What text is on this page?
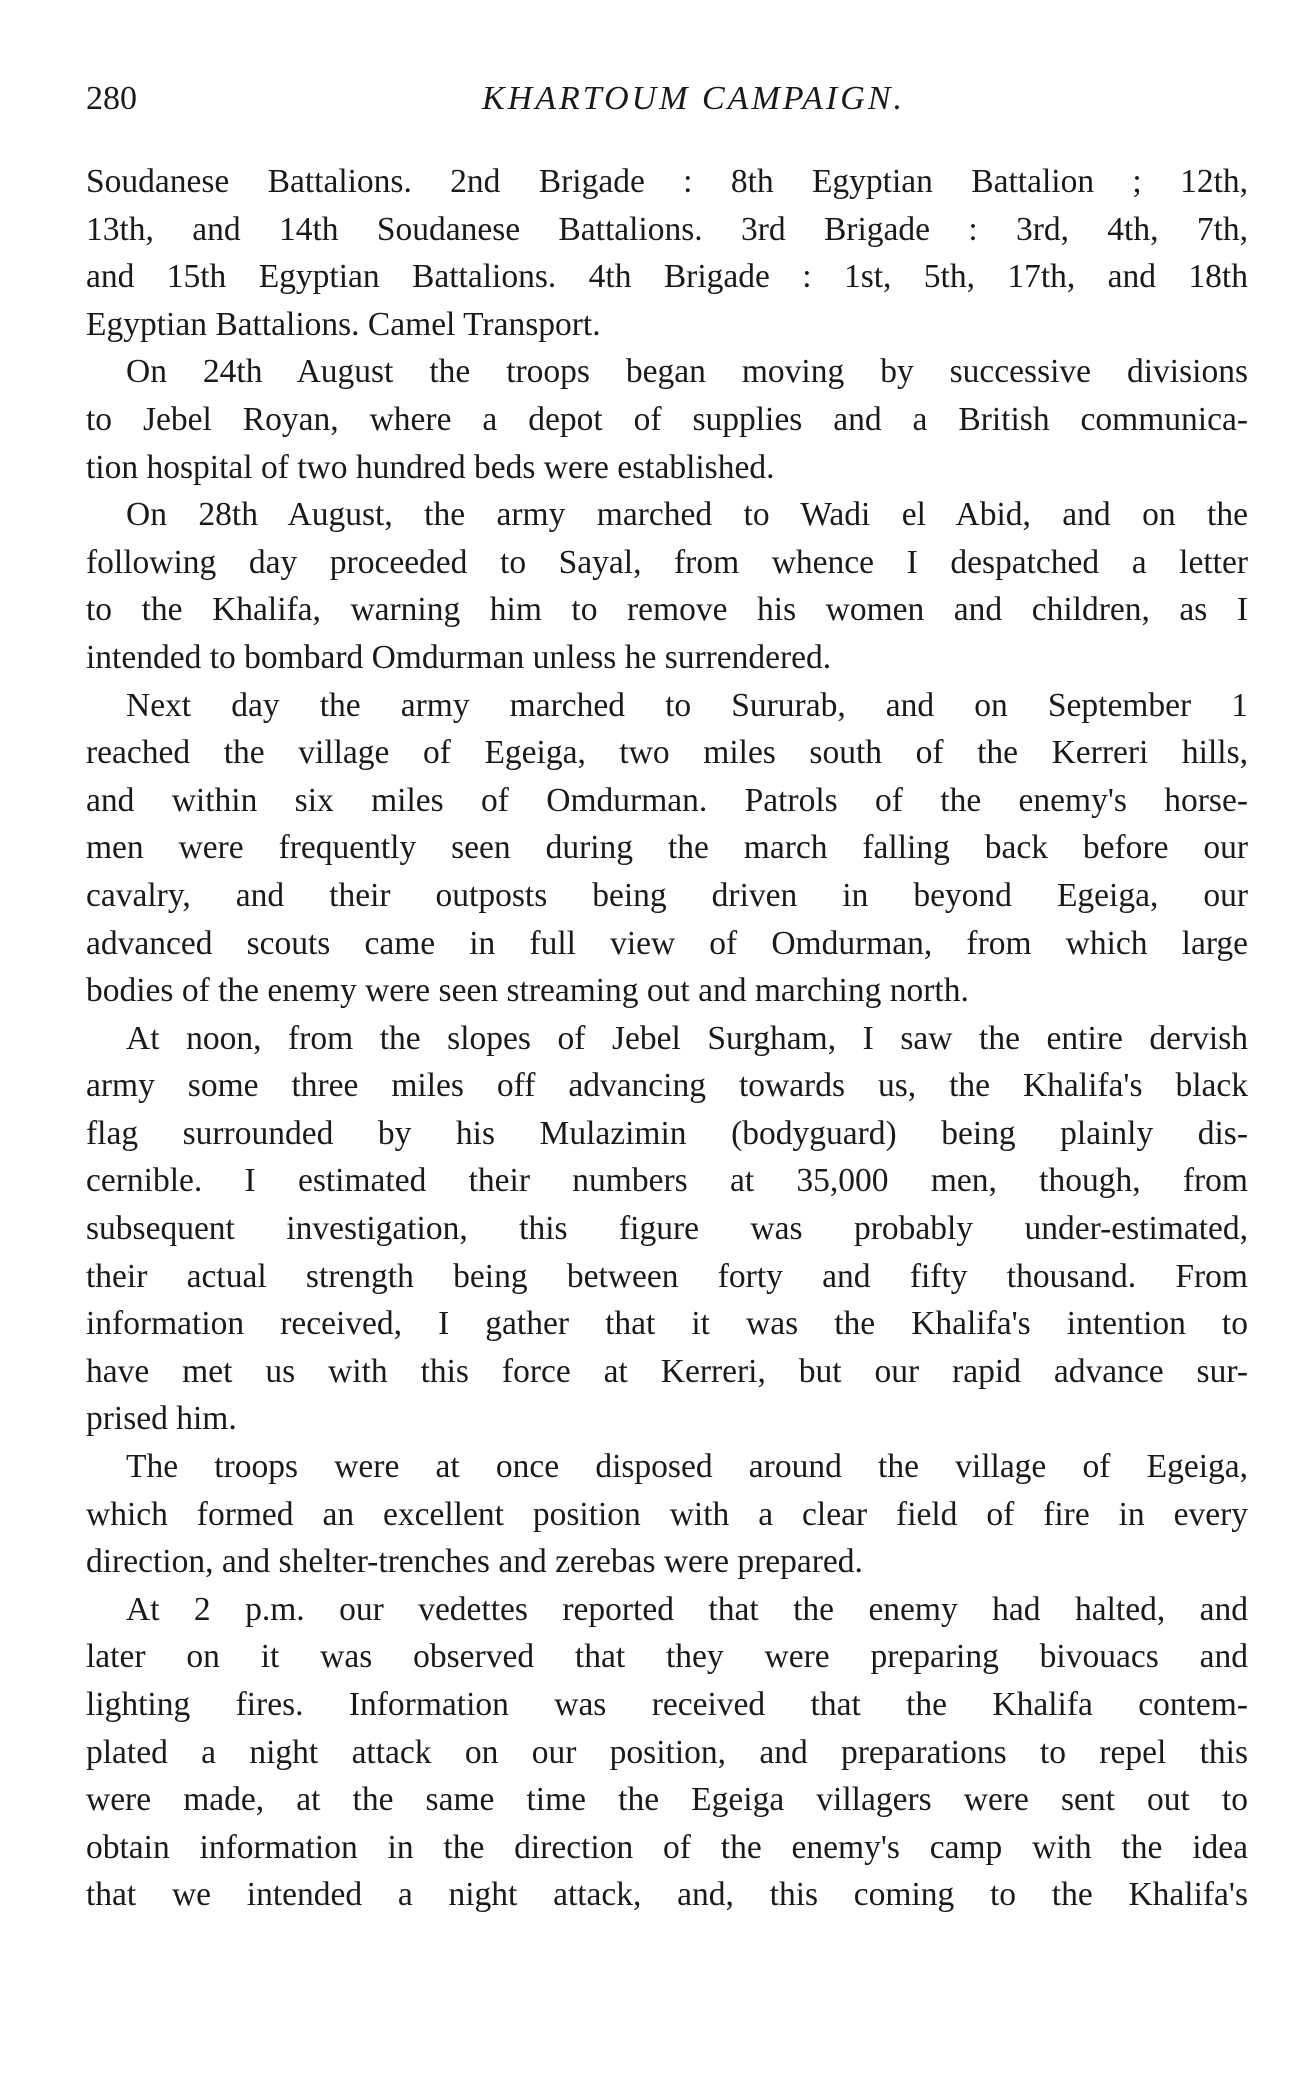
280	KHARTOUM CAMPAIGN.
Soudanese Battalions. 2nd Brigade : 8th Egyptian Battalion ; 12th,
13th, and 14th Soudanese Battalions. 3rd Brigade : 3rd, 4th, 7th,
and 15th Egyptian Battalions. 4th Brigade : 1st, 5th, 17th, and 18th
Egyptian Battalions. Camel Transport.
On 24th August the troops began moving by successive divisions
to Jebel Royan, where a depot of supplies and a British communica-
tion hospital of two hundred beds were established.
On 28th August, the army marched to Wadi el Abid, and on the
following day proceeded to Sayal, from whence I despatched a letter
to the Khalifa, warning him to remove his women and children, as I
intended to bombard Omdurman unless he surrendered.
Next day the army marched to Sururab, and on September 1
reached the village of Egeiga, two miles south of the Kerreri hills,
and within six miles of Omdurman. Patrols of the enemy's horse-
men were frequently seen during the march falling back before our
cavalry, and their outposts being driven in beyond Egeiga, our
advanced scouts came in full view of Omdurman, from which large
bodies of the enemy were seen streaming out and marching north.
At noon, from the slopes of Jebel Surgham, I saw the entire dervish
army some three miles off advancing towards us, the Khalifa's black
flag surrounded by his Mulazimin (bodyguard) being plainly dis-
cernible. I estimated their numbers at 35,000 men, though, from
subsequent investigation, this figure was probably under-estimated,
their actual strength being between forty and fifty thousand. From
information received, I gather that it was the Khalifa's intention to
have met us with this force at Kerreri, but our rapid advance sur-
prised him.
The troops were at once disposed around the village of Egeiga,
which formed an excellent position with a clear field of fire in every
direction, and shelter-trenches and zerebas were prepared.
At 2 p.m. our vedettes reported that the enemy had halted, and
later on it was observed that they were preparing bivouacs and
lighting fires. Information was received that the Khalifa contem-
plated a night attack on our position, and preparations to repel this
were made, at the same time the Egeiga villagers were sent out to
obtain information in the direction of the enemy's camp with the idea
that we intended a night attack, and, this coming to the Khalifa's
